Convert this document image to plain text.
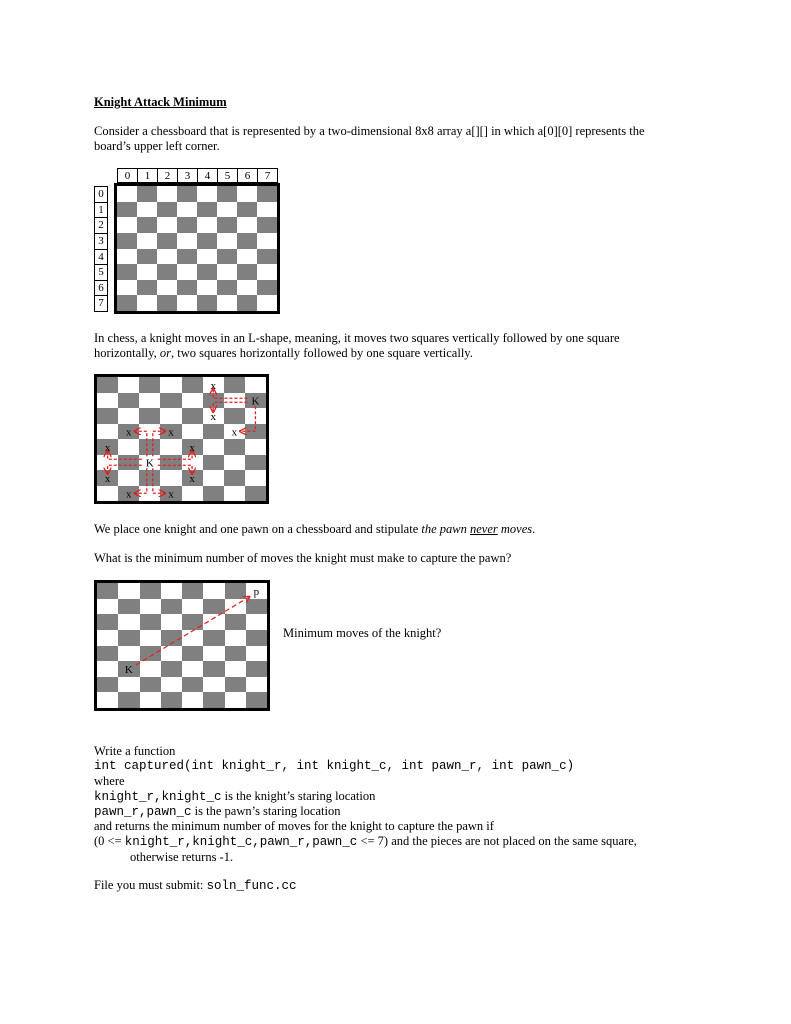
Knight Attack Minimum
Consider a chessboard that is represented by a two-dimensional 8x8 array a[][] in which a[0][0] represents the board’s upper left corner.
0	1	2	3	4	5	6	7
0
1
2
3
4
5
6
7
In chess, a knight moves in an L-shape, meaning, it moves two squares vertically followed by one square horizontally, or, two squares horizontally followed by one square vertically.
K
x	x
x	x
x
x
x
x
K
x
x
x
We place one knight and one pawn on a chessboard and stipulate the pawn never moves.
What is the minimum number of moves the knight must make to capture the pawn?
K
p
Minimum moves of the knight?
Write a function
int captured(int knight_r, int knight_c, int pawn_r, int pawn_c)
where
knight_r,knight_c is the knight’s staring location
pawn_r,pawn_c is the pawn’s staring location
and returns the minimum number of moves for the knight to capture the pawn if
(0 <= knight_r,knight_c,pawn_r,pawn_c <= 7) and the pieces are not placed on the same square,
otherwise returns -1.
File you must submit: soln_func.cc
